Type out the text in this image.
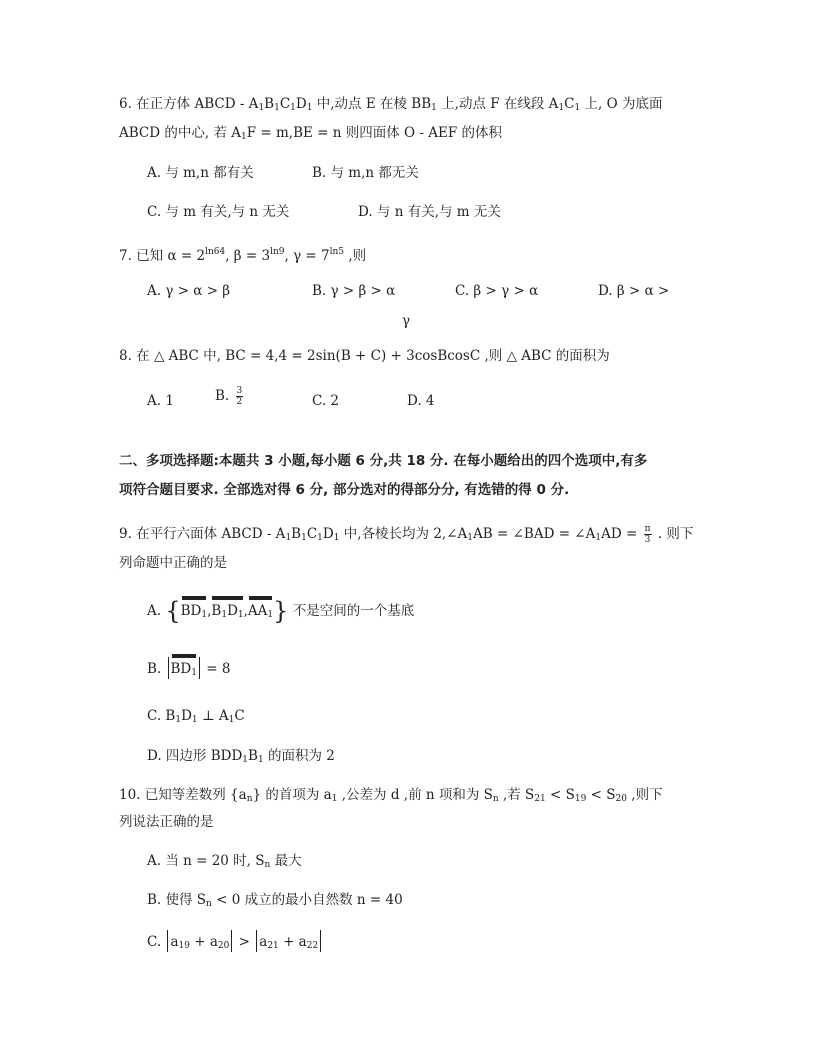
6. 在正方体 ABCD - $A_1B_1C_1D_1$ 中,动点 E 在棱 $BB_1$ 上,动点 F 在线段 $A_1C_1$ 上, O 为底面
ABCD 的中心, 若 $A_1F = m,BE = n$ 则四面体 O - AEF 的体积
A. 与 m,n 都有关	B. 与 m,n 都无关
C. 与 m 有关,与 n 无关	D. 与 n 有关,与 m 无关
7. 已知 $\alpha = 2^{ln64}$, $\beta = 3^{ln9}$, $\gamma = 7^{ln5}$ ,则
A. γ > α > β	B. γ > β > α	C. β > γ > α	D. β > α >
γ
8. 在 △ ABC 中, BC = 4,4 = 2sin(B + C) + 3cosBcosC ,则 △ ABC 的面积为
A. 1	B. $\frac{3}{2}$	C. 2	D. 4
二、多项选择题:本题共 3 小题,每小题 6 分,共 18 分. 在每小题给出的四个选项中,有多
项符合题目要求. 全部选对得 6 分, 部分选对的得部分分, 有选错的得 0 分.
9. 在平行六面体 ABCD - $A_1B_1C_1D_1$ 中,各棱长均为 $2,\angle A_1AB$ = ∠BAD = $\angle A_1AD = \frac{\pi}{3}$ . 则下
列命题中正确的是
A. $\{BD_1,B_1D_1,AA_1\}$ 不是空间的一个基底
B. $BD_1 = 8$
C. $B_1D_1$ ⊥ $A_1C$
D. 四边形 $BDD_1B_1$ 的面积为 2
10. 已知等差数列 $\{a_n\}$ 的首项为 $a_1$ ,公差为 d ,前 n 项和为 $S_n$ ,若 $S_{21} < S_{19} < S_{20}$ ,则下
列说法正确的是
A. 当 n = 20 时, $S_n$ 最大
B. 使得 $S_n < 0$ 成立的最小自然数 n = 40
C. $a_{19} + a_{20} > a_{21} + a_{22}$
